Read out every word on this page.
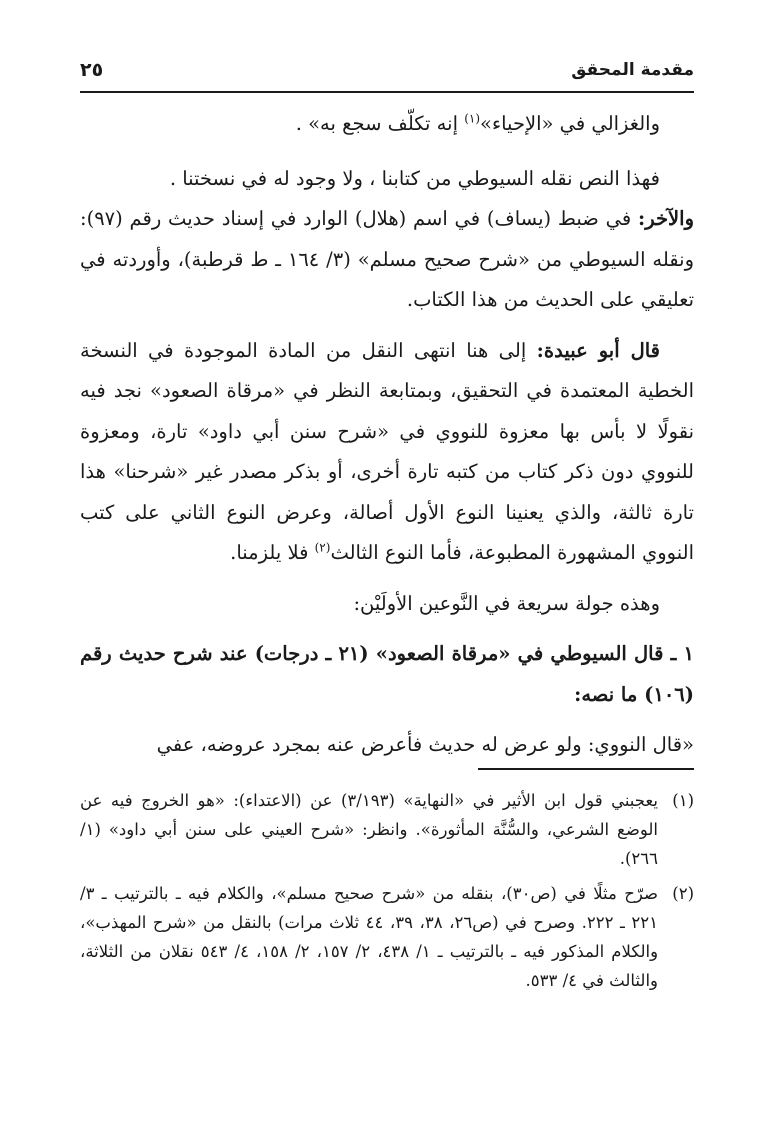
مقدمة المحقق
٢٥

والغزالي في «الإحياء»$^{(١)}$ إنه تكلّف سجع به» .

فهذا النص نقله السيوطي من كتابنا ، ولا وجود له في نسختنا .

والآخر: في ضبط (يساف) في اسم (هلال) الوارد في إسناد حديث رقم (٩٧): ونقله السيوطي من «شرح صحيح مسلم» (٣/ ١٦٤ ـ ط قرطبة)، وأوردته في تعليقي على الحديث من هذا الكتاب.

قال أبو عبيدة: إلى هنا انتهى النقل من المادة الموجودة في النسخة الخطية المعتمدة في التحقيق، وبمتابعة النظر في «مرقاة الصعود» نجد فيه نقولًا لا بأس بها معزوة للنووي في «شرح سنن أبي داود» تارة، ومعزوة للنووي دون ذكر كتاب من كتبه تارة أخرى، أو بذكر مصدر غير «شرحنا» هذا تارة ثالثة، والذي يعنينا النوع الأول أصالة، وعرض النوع الثاني على كتب النووي المشهورة المطبوعة، فأما النوع الثالث$^{(٢)}$ فلا يلزمنا.

وهذه جولة سريعة في النَّوعين الأولَيْن:

١ ـ قال السيوطي في «مرقاة الصعود» (٢١ ـ درجات) عند شرح حديث رقم (١٠٦) ما نصه:

«قال النووي: ولو عرض له حديث فأعرض عنه بمجرد عروضه، عفي

(١)
يعجبني قول ابن الأثير في «النهاية» (٣/١٩٣) عن (الاعتداء): «هو الخروج فيه عن الوضع الشرعي، والسُّنَّة المأثورة». وانظر: «شرح العيني على سنن أبي داود» (١/ ٢٦٦).
(٢)
صرّح مثلًا في (ص٣٠)، بنقله من «شرح صحيح مسلم»، والكلام فيه ـ بالترتيب ـ ٣/ ٢٢١ ـ ٢٢٢. وصرح في (ص٢٦، ٣٨، ٣٩، ٤٤ ثلاث مرات) بالنقل من «شرح المهذب»، والكلام المذكور فيه ـ بالترتيب ـ ١/ ٤٣٨، ٢/ ١٥٧، ٢/ ١٥٨، ٤/ ٥٤٣ نقلان من الثلاثة، والثالث في ٤/ ٥٣٣.
